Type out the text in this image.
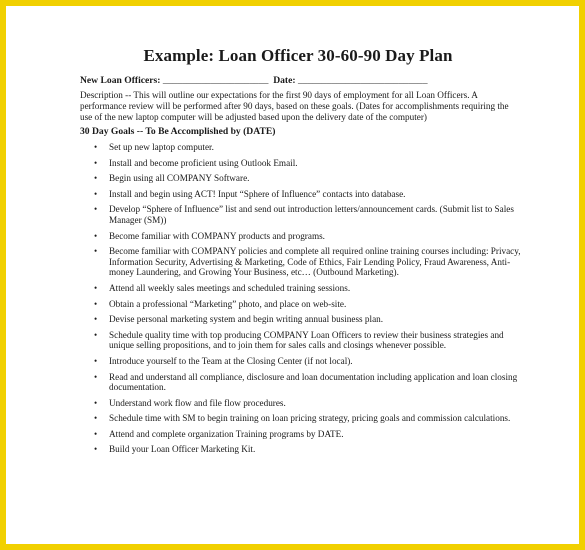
Example: Loan Officer 30-60-90 Day Plan
New Loan Officers: ______________________ Date: ___________________________
Description -- This will outline our expectations for the first 90 days of employment for all Loan Officers. A performance review will be performed after 90 days, based on these goals. (Dates for accomplishments requiring the use of the new laptop computer will be adjusted based upon the delivery date of the computer)
30 Day Goals -- To Be Accomplished by (DATE)
• Set up new laptop computer.
• Install and become proficient using Outlook Email.
• Begin using all COMPANY Software.
• Install and begin using ACT! Input “Sphere of Influence” contacts into database.
• Develop “Sphere of Influence” list and send out introduction letters/announcement cards. (Submit list to Sales Manager (SM))
• Become familiar with COMPANY products and programs.
• Become familiar with COMPANY policies and complete all required online training courses including: Privacy, Information Security, Advertising & Marketing, Code of Ethics, Fair Lending Policy, Fraud Awareness, Anti-money Laundering, and Growing Your Business, etc… (Outbound Marketing).
• Attend all weekly sales meetings and scheduled training sessions.
• Obtain a professional “Marketing” photo, and place on web-site.
• Devise personal marketing system and begin writing annual business plan.
• Schedule quality time with top producing COMPANY Loan Officers to review their business strategies and unique selling propositions, and to join them for sales calls and closings whenever possible.
• Introduce yourself to the Team at the Closing Center (if not local).
• Read and understand all compliance, disclosure and loan documentation including application and loan closing documentation.
• Understand work flow and file flow procedures.
• Schedule time with SM to begin training on loan pricing strategy, pricing goals and commission calculations.
• Attend and complete organization Training programs by DATE.
• Build your Loan Officer Marketing Kit.
